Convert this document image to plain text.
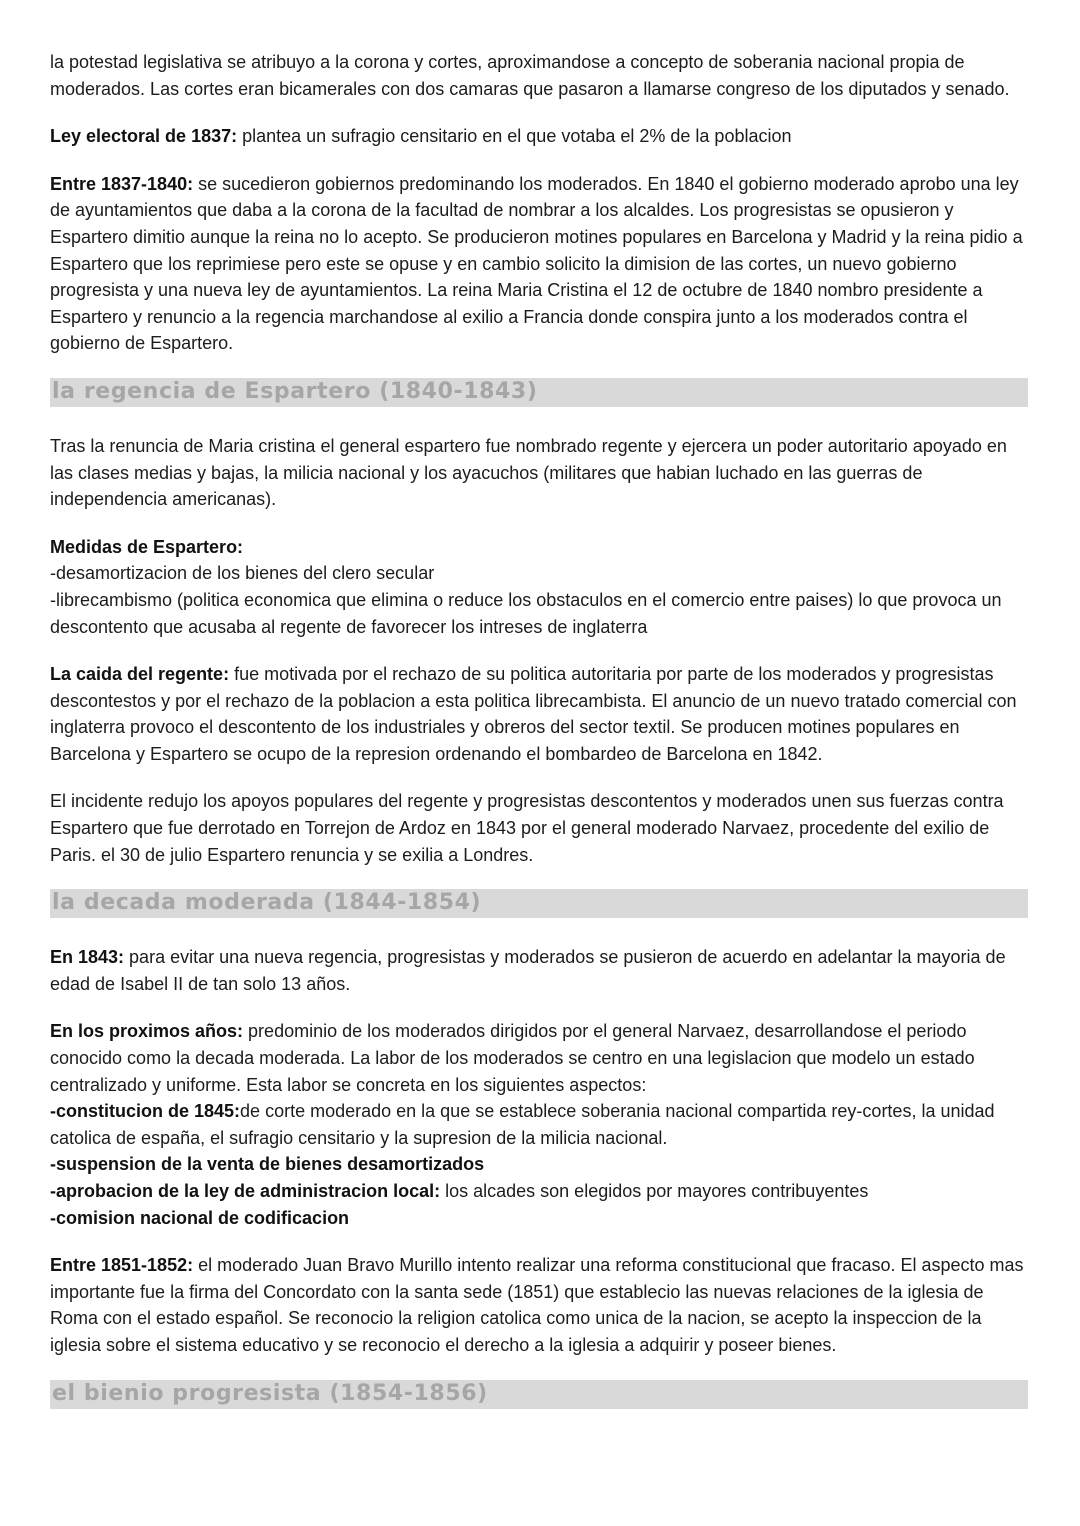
la potestad legislativa se atribuyo a la corona y cortes, aproximandose a concepto de soberania nacional propia de moderados. Las cortes eran bicamerales con dos camaras que pasaron a llamarse congreso de los diputados y senado.

Ley electoral de 1837: plantea un sufragio censitario en el que votaba el 2% de la poblacion

Entre 1837-1840: se sucedieron gobiernos predominando los moderados. En 1840 el gobierno moderado aprobo una ley de ayuntamientos que daba a la corona de la facultad de nombrar a los alcaldes. Los progresistas se opusieron y Espartero dimitio aunque la reina no lo acepto. Se producieron motines populares en Barcelona y Madrid y la reina pidio a Espartero que los reprimiese pero este se opuse y en cambio solicito la dimision de las cortes, un nuevo gobierno progresista y una nueva ley de ayuntamientos. La reina Maria Cristina el 12 de octubre de 1840 nombro presidente a Espartero y renuncio a la regencia marchandose al exilio a Francia donde conspira junto a los moderados contra el gobierno de Espartero.

la regencia de Espartero (1840-1843)

Tras la renuncia de Maria cristina el general espartero fue nombrado regente y ejercera un poder autoritario apoyado en las clases medias y bajas, la milicia nacional y los ayacuchos (militares que habian luchado en las guerras de independencia americanas).

Medidas de Espartero:
-desamortizacion de los bienes del clero secular
-librecambismo (politica economica que elimina o reduce los obstaculos en el comercio entre paises) lo que provoca un descontento que acusaba al regente de favorecer los intreses de inglaterra

La caida del regente: fue motivada por el rechazo de su politica autoritaria por parte de los moderados y progresistas descontestos y por el rechazo de la poblacion a esta politica librecambista. El anuncio de un nuevo tratado comercial con inglaterra provoco el descontento de los industriales y obreros del sector textil. Se producen motines populares en Barcelona y Espartero se ocupo de la represion ordenando el bombardeo de Barcelona en 1842.

El incidente redujo los apoyos populares del regente y progresistas descontentos y moderados unen sus fuerzas contra Espartero que fue derrotado en Torrejon de Ardoz en 1843 por el general moderado Narvaez, procedente del exilio de Paris. el 30 de julio Espartero renuncia y se exilia a Londres.

la decada moderada (1844-1854)

En 1843: para evitar una nueva regencia, progresistas y moderados se pusieron de acuerdo en adelantar la mayoria de edad de Isabel II de tan solo 13 años.

En los proximos años: predominio de los moderados dirigidos por el general Narvaez, desarrollandose el periodo conocido como la decada moderada. La labor de los moderados se centro en una legislacion que modelo un estado centralizado y uniforme. Esta labor se concreta en los siguientes aspectos:
-constitucion de 1845:de corte moderado en la que se establece soberania nacional compartida rey-cortes, la unidad catolica de españa, el sufragio censitario y la supresion de la milicia nacional.
-suspension de la venta de bienes desamortizados
-aprobacion de la ley de administracion local: los alcades son elegidos por mayores contribuyentes
-comision nacional de codificacion

Entre 1851-1852: el moderado Juan Bravo Murillo intento realizar una reforma constitucional que fracaso. El aspecto mas importante fue la firma del Concordato con la santa sede (1851) que establecio las nuevas relaciones de la iglesia de Roma con el estado español. Se reconocio la religion catolica como unica de la nacion, se acepto la inspeccion de la iglesia sobre el sistema educativo y se reconocio el derecho a la iglesia a adquirir y poseer bienes.

el bienio progresista (1854-1856)
